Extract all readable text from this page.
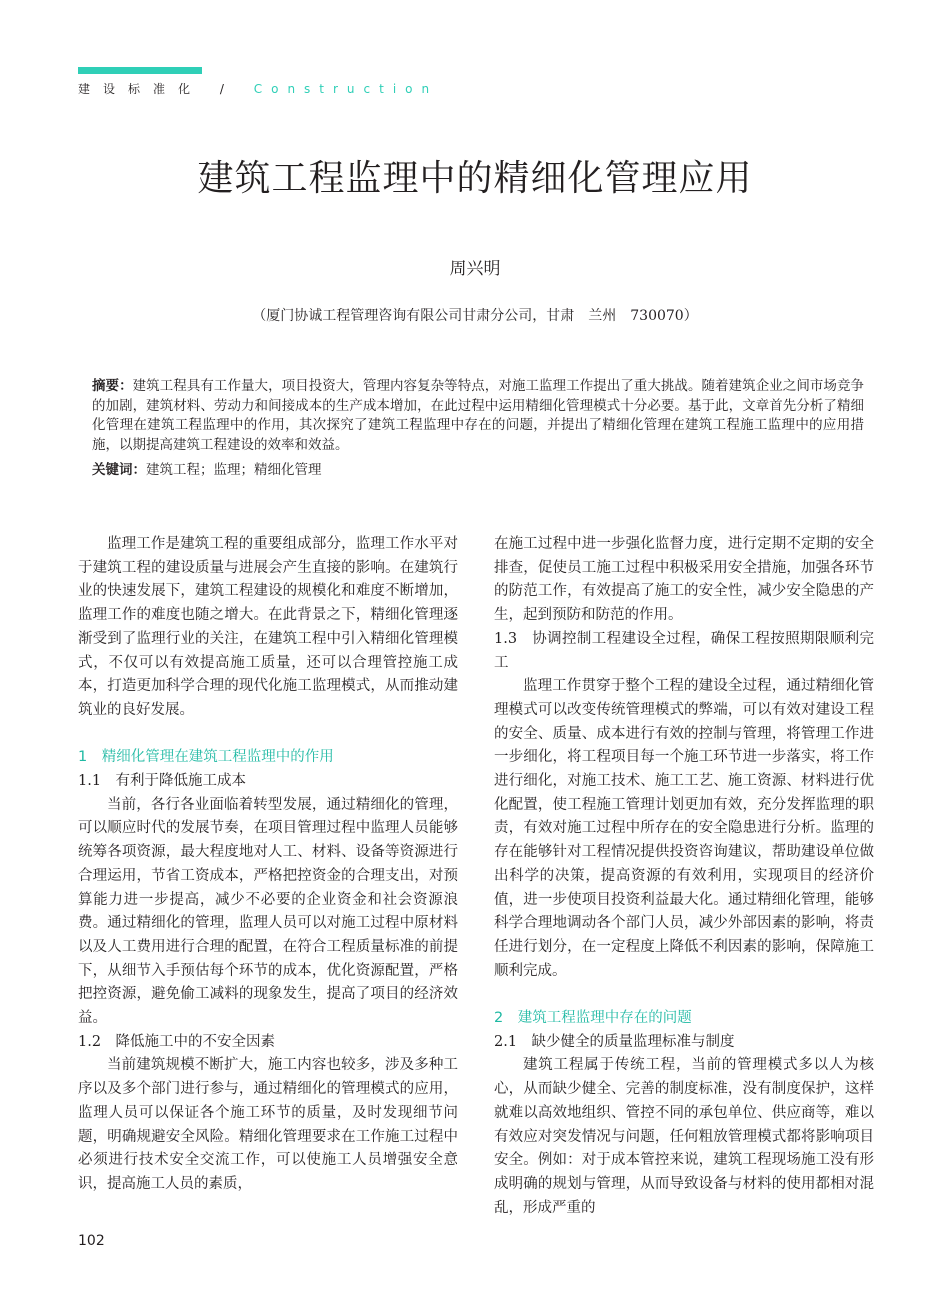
建设标准化 / Construction
建筑工程监理中的精细化管理应用
周兴明
（厦门协诚工程管理咨询有限公司甘肃分公司，甘肃　兰州　730070）
摘要：建筑工程具有工作量大，项目投资大，管理内容复杂等特点，对施工监理工作提出了重大挑战。随着建筑企业之间市场竞争的加剧，建筑材料、劳动力和间接成本的生产成本增加，在此过程中运用精细化管理模式十分必要。基于此，文章首先分析了精细化管理在建筑工程监理中的作用，其次探究了建筑工程监理中存在的问题，并提出了精细化管理在建筑工程施工监理中的应用措施，以期提高建筑工程建设的效率和效益。
关键词：建筑工程；监理；精细化管理

监理工作是建筑工程的重要组成部分，监理工作水平对于建筑工程的建设质量与进展会产生直接的影响。在建筑行业的快速发展下，建筑工程建设的规模化和难度不断增加，监理工作的难度也随之增大。在此背景之下，精细化管理逐渐受到了监理行业的关注，在建筑工程中引入精细化管理模式，不仅可以有效提高施工质量，还可以合理管控施工成本，打造更加科学合理的现代化施工监理模式，从而推动建筑业的良好发展。

1　精细化管理在建筑工程监理中的作用
1.1　有利于降低施工成本

当前，各行各业面临着转型发展，通过精细化的管理，可以顺应时代的发展节奏，在项目管理过程中监理人员能够统筹各项资源，最大程度地对人工、材料、设备等资源进行合理运用，节省工资成本，严格把控资金的合理支出，对预算能力进一步提高，减少不必要的企业资金和社会资源浪费。通过精细化的管理，监理人员可以对施工过程中原材料以及人工费用进行合理的配置，在符合工程质量标准的前提下，从细节入手预估每个环节的成本，优化资源配置，严格把控资源，避免偷工减料的现象发生，提高了项目的经济效益。

1.2　降低施工中的不安全因素

当前建筑规模不断扩大，施工内容也较多，涉及多种工序以及多个部门进行参与，通过精细化的管理模式的应用，监理人员可以保证各个施工环节的质量，及时发现细节问题，明确规避安全风险。精细化管理要求在工作施工过程中必须进行技术安全交流工作，可以使施工人员增强安全意识，提高施工人员的素质，

在施工过程中进一步强化监督力度，进行定期不定期的安全排查，促使员工施工过程中积极采用安全措施，加强各环节的防范工作，有效提高了施工的安全性，减少安全隐患的产生，起到预防和防范的作用。
1.3　协调控制工程建设全过程，确保工程按照期限顺利完工

监理工作贯穿于整个工程的建设全过程，通过精细化管理模式可以改变传统管理模式的弊端，可以有效对建设工程的安全、质量、成本进行有效的控制与管理，将管理工作进一步细化，将工程项目每一个施工环节进一步落实，将工作进行细化，对施工技术、施工工艺、施工资源、材料进行优化配置，使工程施工管理计划更加有效，充分发挥监理的职责，有效对施工过程中所存在的安全隐患进行分析。监理的存在能够针对工程情况提供投资咨询建议，帮助建设单位做出科学的决策，提高资源的有效利用，实现项目的经济价值，进一步使项目投资利益最大化。通过精细化管理，能够科学合理地调动各个部门人员，减少外部因素的影响，将责任进行划分，在一定程度上降低不利因素的影响，保障施工顺利完成。

2　建筑工程监理中存在的问题
2.1　缺少健全的质量监理标准与制度

建筑工程属于传统工程，当前的管理模式多以人为核心，从而缺少健全、完善的制度标准，没有制度保护，这样就难以高效地组织、管控不同的承包单位、供应商等，难以有效应对突发情况与问题，任何粗放管理模式都将影响项目安全。例如：对于成本管控来说，建筑工程现场施工没有形成明确的规划与管理，从而导致设备与材料的使用都相对混乱，形成严重的

102
